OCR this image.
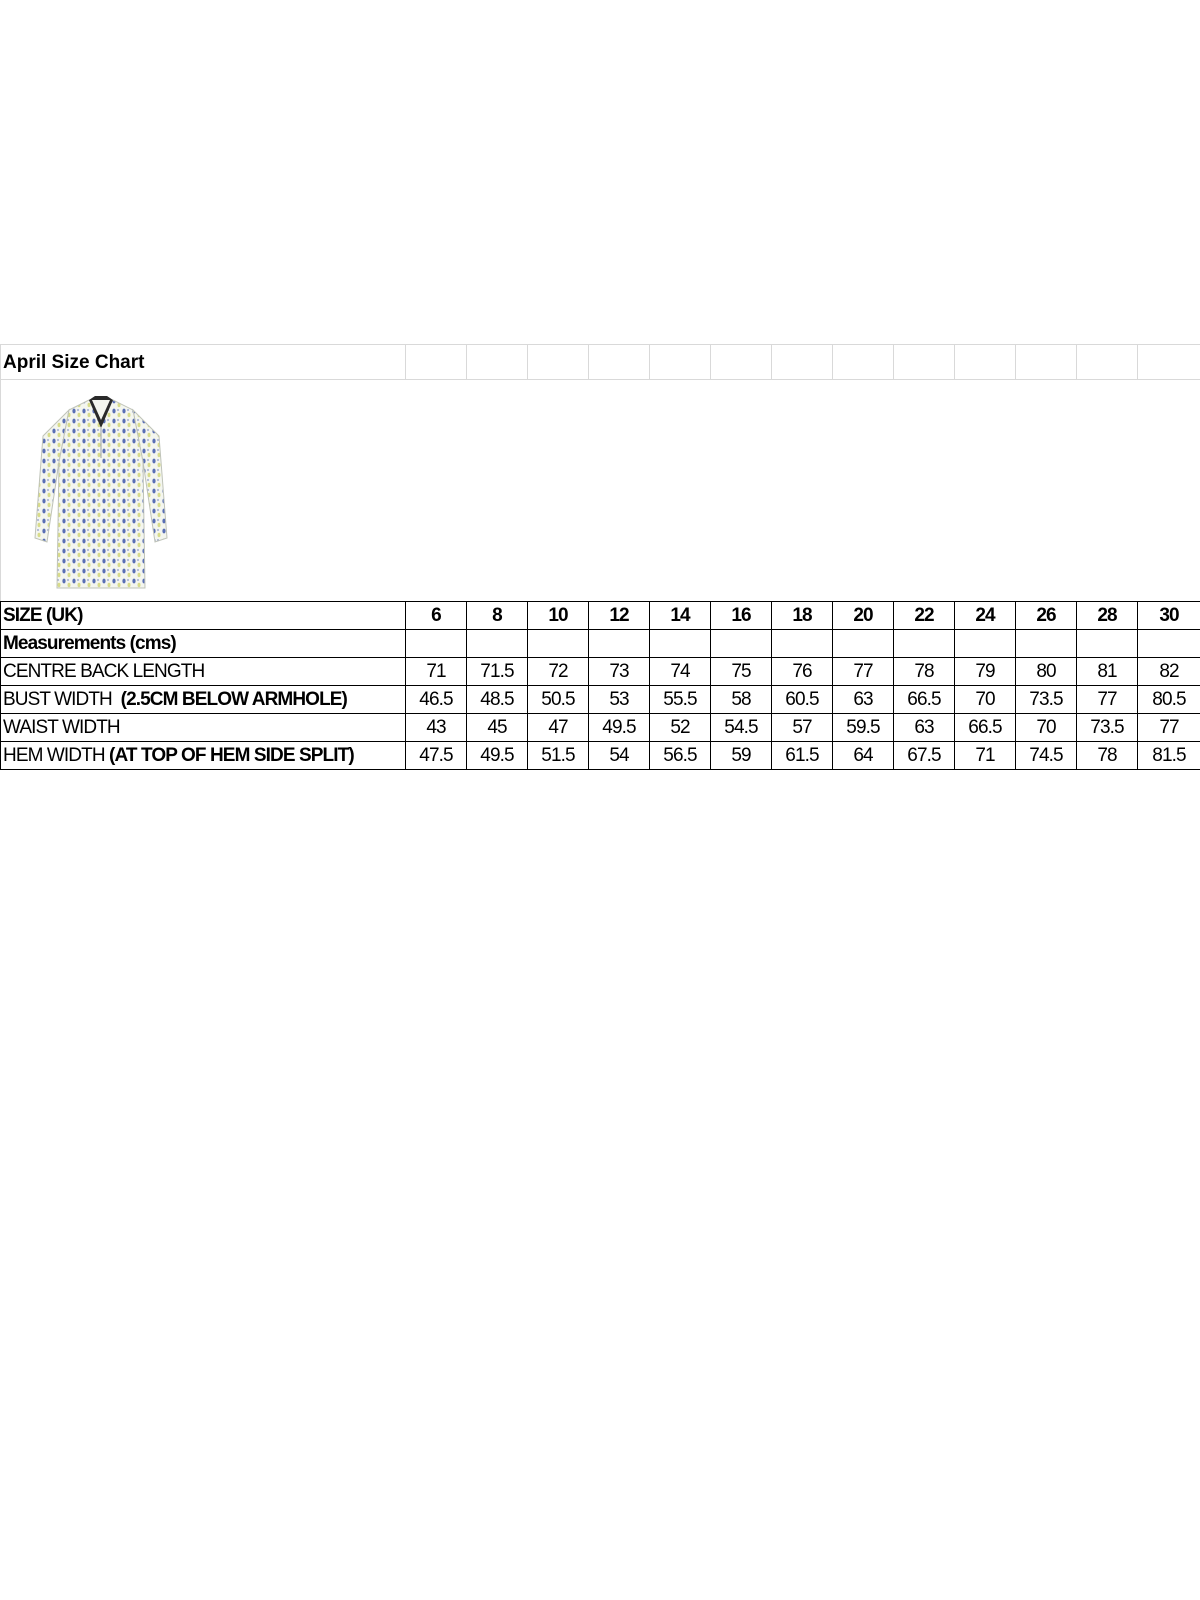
April Size Chart													

SIZE (UK)	6	8	10	12	14	16	18	20	22	24	26	28	30
Measurements (cms)													
CENTRE BACK LENGTH	71	71.5	72	73	74	75	76	77	78	79	80	81	82
BUST WIDTH  (2.5CM BELOW ARMHOLE)	46.5	48.5	50.5	53	55.5	58	60.5	63	66.5	70	73.5	77	80.5
WAIST WIDTH	43	45	47	49.5	52	54.5	57	59.5	63	66.5	70	73.5	77
HEM WIDTH (AT TOP OF HEM SIDE SPLIT)	47.5	49.5	51.5	54	56.5	59	61.5	64	67.5	71	74.5	78	81.5
